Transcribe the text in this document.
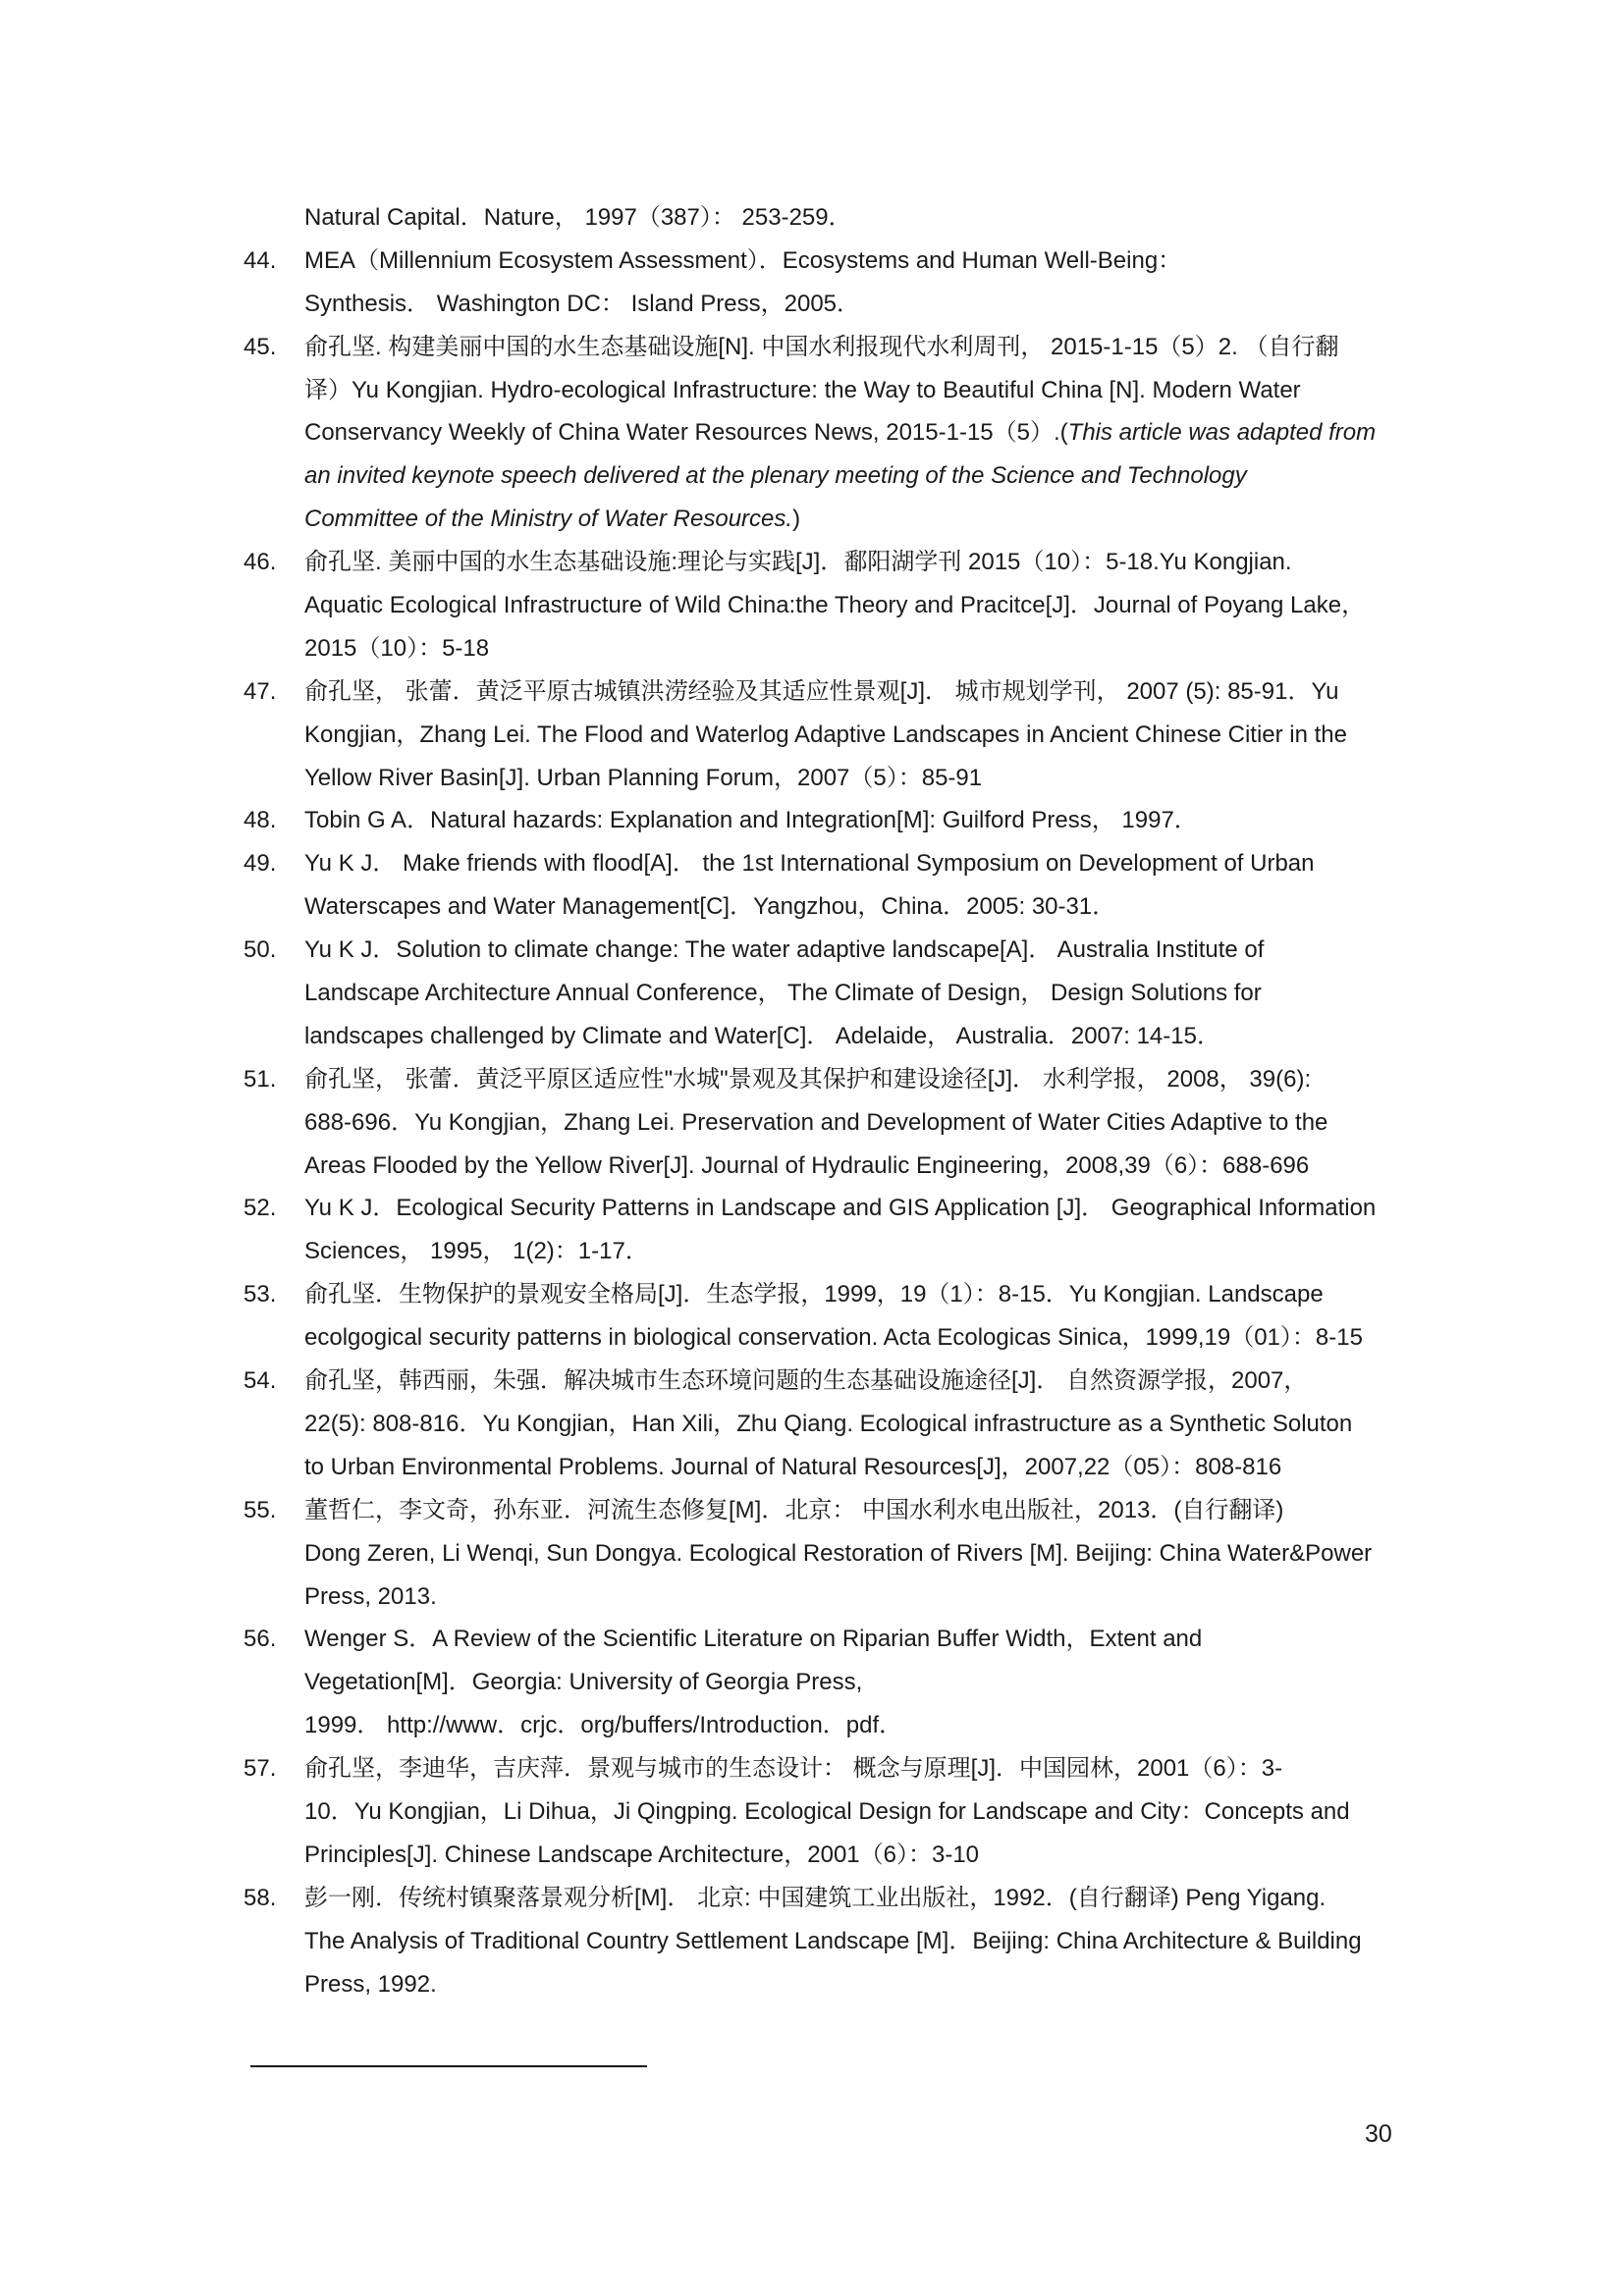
Natural Capital．Nature， 1997（387）： 253-259．
44. MEA（Millennium Ecosystem Assessment）．Ecosystems and Human Well-Being：
Synthesis． Washington DC： Island Press，2005．
45. 俞孔坚. 构建美丽中国的水生态基础设施[N]. 中国水利报现代水利周刊， 2015-1-15（5）2. （自行翻
译）Yu Kongjian. Hydro-ecological Infrastructure: the Way to Beautiful China [N]. Modern Water
Conservancy Weekly of China Water Resources News, 2015-1-15（5）.(This article was adapted from
an invited keynote speech delivered at the plenary meeting of the Science and Technology
Committee of the Ministry of Water Resources.)
46. 俞孔坚. 美丽中国的水生态基础设施:理论与实践[J]．鄱阳湖学刊 2015（10）：5-18.Yu Kongjian.
Aquatic Ecological Infrastructure of Wild China:the Theory and Pracitce[J]．Journal of Poyang Lake，
2015（10）：5-18
47. 俞孔坚， 张蕾．黄泛平原古城镇洪涝经验及其适应性景观[J]． 城市规划学刊， 2007 (5): 85-91．Yu
Kongjian，Zhang Lei. The Flood and Waterlog Adaptive Landscapes in Ancient Chinese Citier in the
Yellow River Basin[J]. Urban Planning Forum，2007（5）：85-91
48. Tobin G A．Natural hazards: Explanation and Integration[M]: Guilford Press， 1997．
49. Yu K J． Make friends with flood[A]． the 1st International Symposium on Development of Urban
Waterscapes and Water Management[C]．Yangzhou，China．2005: 30-31．
50. Yu K J．Solution to climate change: The water adaptive landscape[A]． Australia Institute of
Landscape Architecture Annual Conference， The Climate of Design， Design Solutions for
landscapes challenged by Climate and Water[C]． Adelaide， Australia．2007: 14-15．
51. 俞孔坚， 张蕾．黄泛平原区适应性"水城"景观及其保护和建设途径[J]． 水利学报， 2008， 39(6):
688-696．Yu Kongjian，Zhang Lei. Preservation and Development of Water Cities Adaptive to the
Areas Flooded by the Yellow River[J]. Journal of Hydraulic Engineering，2008,39（6）：688-696
52. Yu K J．Ecological Security Patterns in Landscape and GIS Application [J]． Geographical Information
Sciences， 1995， 1(2)：1-17．
53. 俞孔坚．生物保护的景观安全格局[J]．生态学报，1999，19（1）：8-15．Yu Kongjian. Landscape
ecolgogical security patterns in biological conservation. Acta Ecologicas Sinica，1999,19（01）：8-15
54. 俞孔坚，韩西丽，朱强．解决城市生态环境问题的生态基础设施途径[J]． 自然资源学报，2007，
22(5): 808-816．Yu Kongjian，Han Xili，Zhu Qiang. Ecological infrastructure as a Synthetic Soluton
to Urban Environmental Problems. Journal of Natural Resources[J]，2007,22（05）：808-816
55. 董哲仁，李文奇，孙东亚．河流生态修复[M]．北京： 中国水利水电出版社，2013．(自行翻译)
Dong Zeren, Li Wenqi, Sun Dongya. Ecological Restoration of Rivers [M]. Beijing: China Water&Power
Press, 2013.
56. Wenger S．A Review of the Scientific Literature on Riparian Buffer Width，Extent and
Vegetation[M]．Georgia: University of Georgia Press,
1999． http://www．crjc．org/buffers/Introduction．pdf．
57. 俞孔坚，李迪华，吉庆萍．景观与城市的生态设计： 概念与原理[J]．中国园林，2001（6）：3-
10．Yu Kongjian，Li Dihua，Ji Qingping. Ecological Design for Landscape and City：Concepts and
Principles[J]. Chinese Landscape Architecture，2001（6）：3-10
58. 彭一刚．传统村镇聚落景观分析[M]． 北京: 中国建筑工业出版社，1992．(自行翻译) Peng Yigang.
The Analysis of Traditional Country Settlement Landscape [M]．Beijing: China Architecture & Building
Press, 1992.
30
